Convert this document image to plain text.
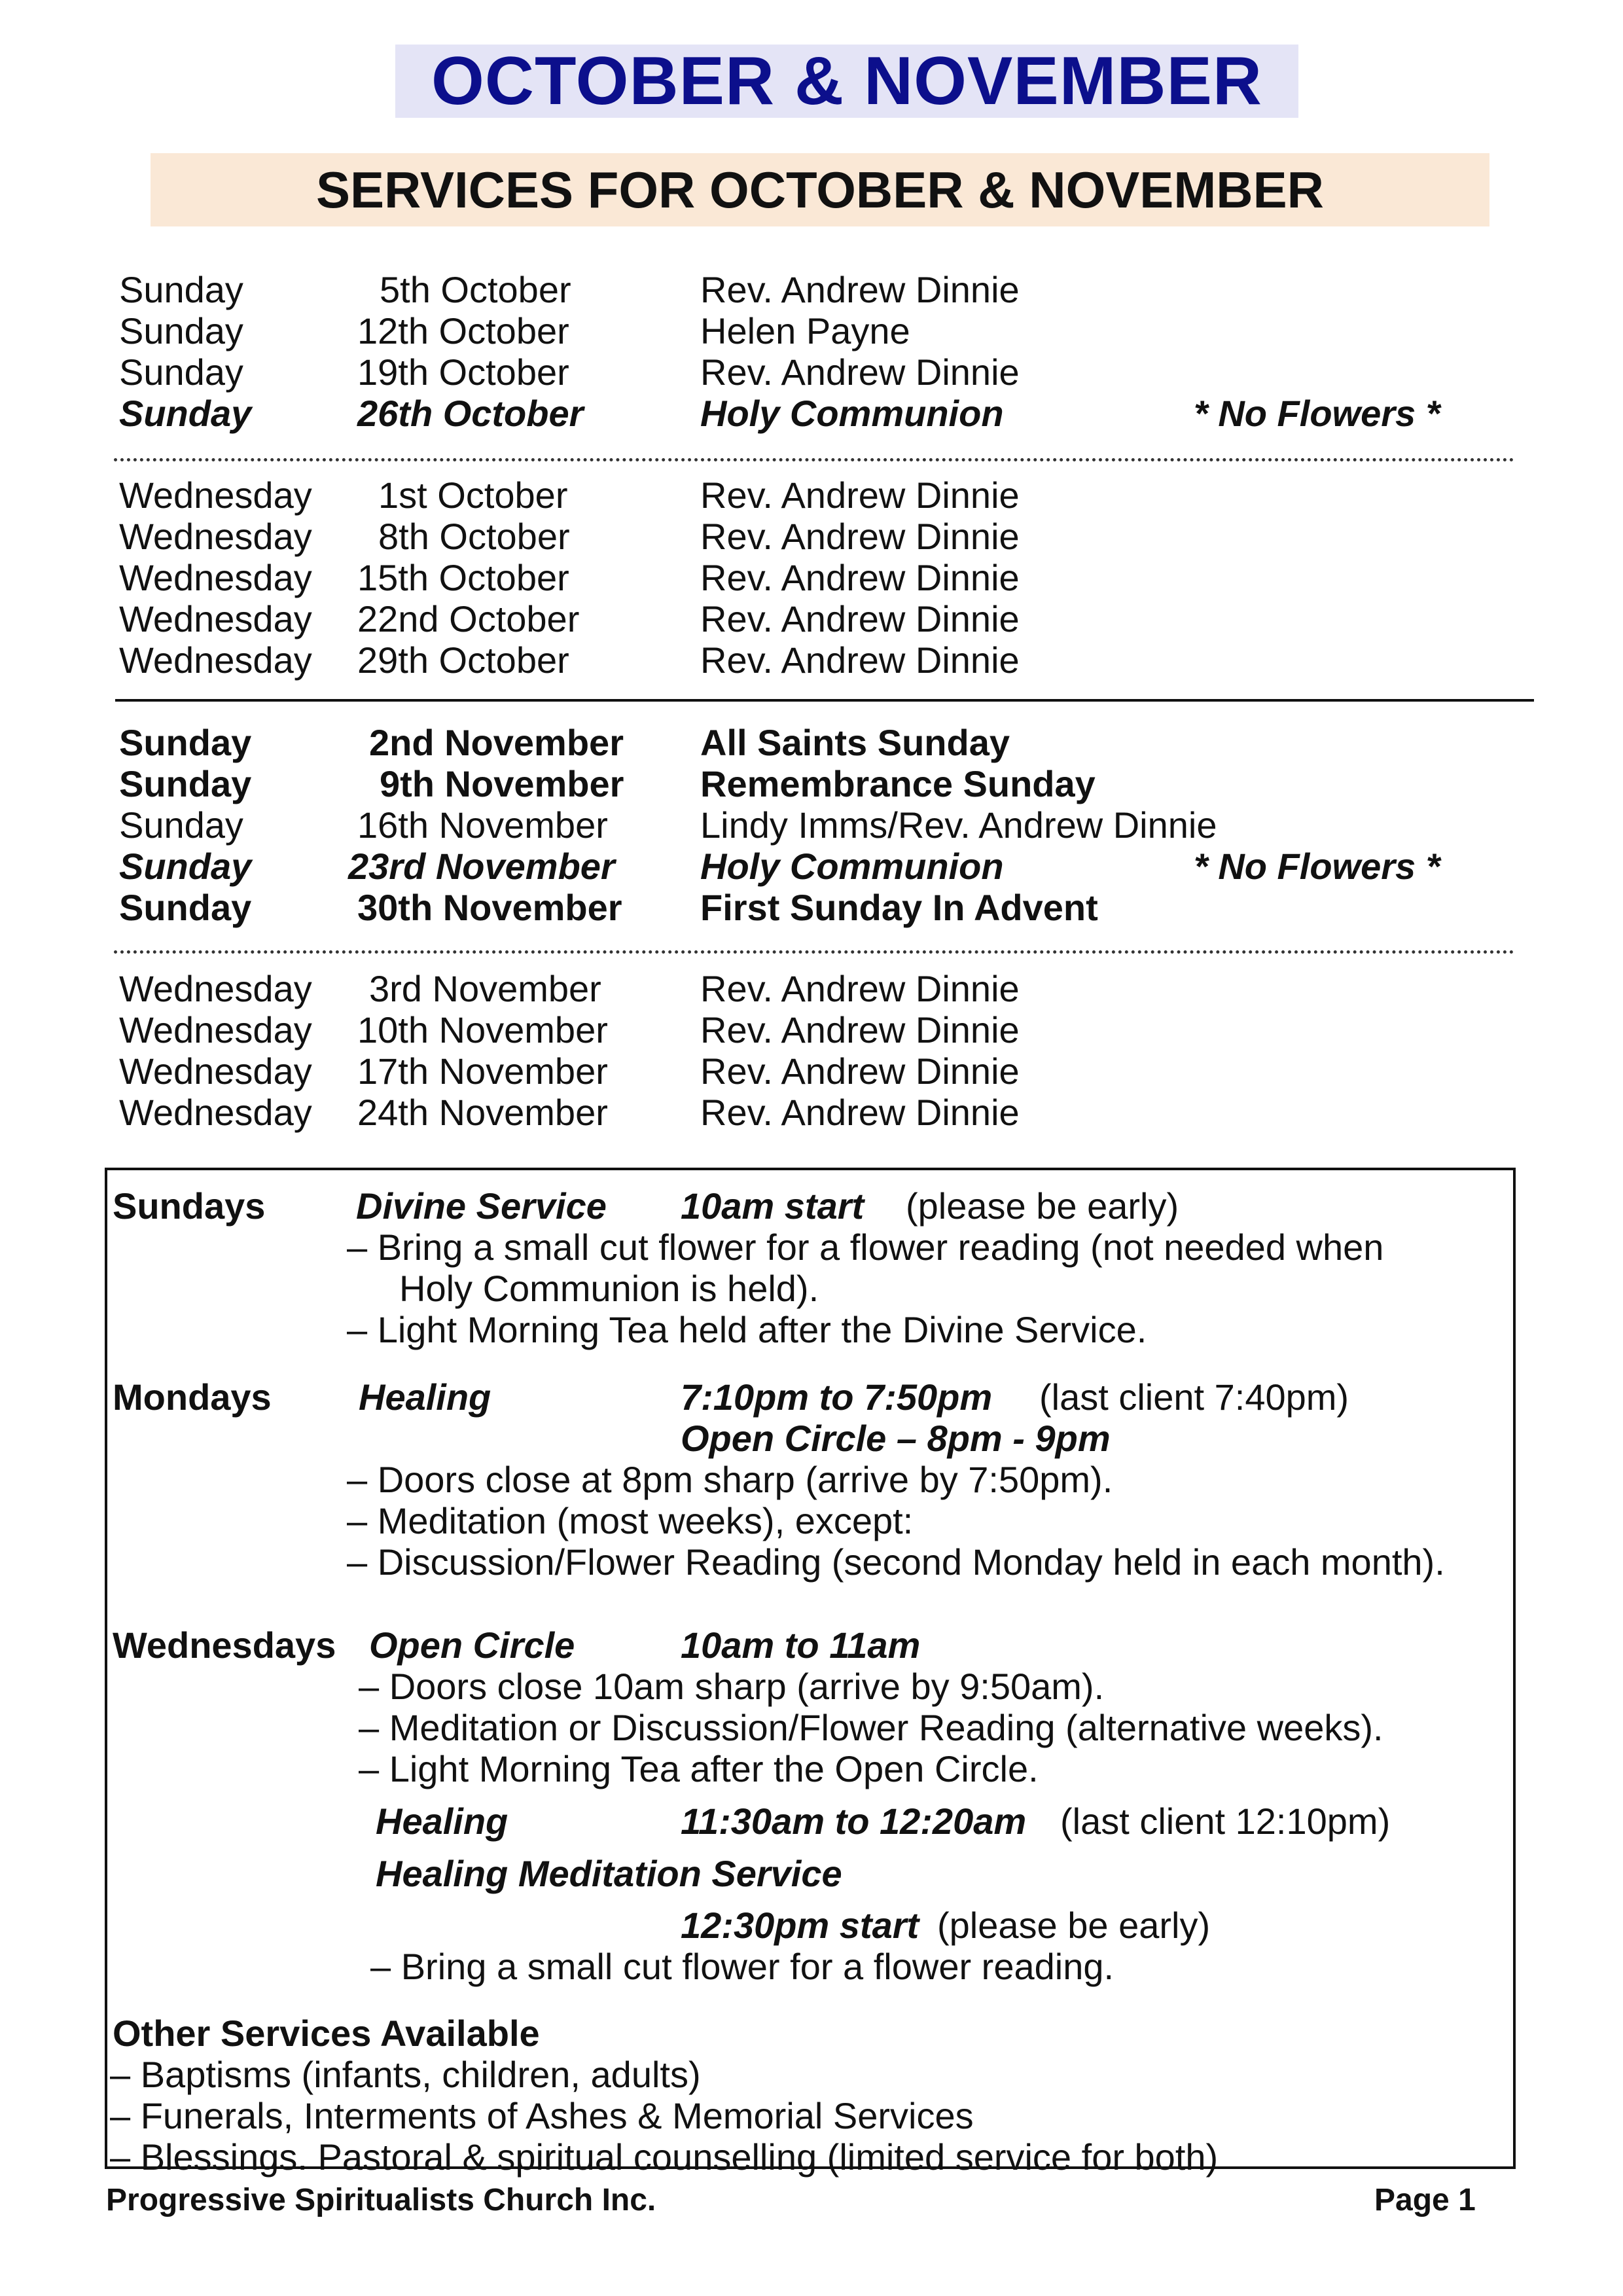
OCTOBER & NOVEMBER
SERVICES FOR OCTOBER & NOVEMBER
Sunday	5th October	Rev. Andrew Dinnie
Sunday	12th October	Helen Payne
Sunday	19th October	Rev. Andrew Dinnie
Sunday	26th October	Holy Communion	* No Flowers *
Wednesday 1st October	Rev. Andrew Dinnie
Wednesday 8th October	Rev. Andrew Dinnie
Wednesday 15th October	Rev. Andrew Dinnie
Wednesday 22nd October	Rev. Andrew Dinnie
Wednesday 29th October	Rev. Andrew Dinnie
Sunday	2nd November All Saints Sunday
Sunday	9th November Remembrance Sunday
Sunday	16th November	Lindy Imms/Rev. Andrew Dinnie
Sunday	23rd November Holy Communion	* No Flowers *
Sunday	30th November First Sunday In Advent
Wednesday 3rd November	Rev. Andrew Dinnie
Wednesday 10th November	Rev. Andrew Dinnie
Wednesday 17th November	Rev. Andrew Dinnie
Wednesday 24th November	Rev. Andrew Dinnie
Sundays Divine Service 10am start (please be early)
– Bring a small cut flower for a flower reading (not needed when
Holy Communion is held).
– Light Morning Tea held after the Divine Service.
Mondays Healing	7:10pm to 7:50pm (last client 7:40pm)
Open Circle – 8pm - 9pm
– Doors close at 8pm sharp (arrive by 7:50pm).
– Meditation (most weeks), except:
– Discussion/Flower Reading (second Monday held in each month).
Wednesdays Open Circle	10am to 11am
– Doors close 10am sharp (arrive by 9:50am).
– Meditation or Discussion/Flower Reading (alternative weeks).
– Light Morning Tea after the Open Circle.
Healing	11:30am to 12:20am (last client 12:10pm)
Healing Meditation Service
12:30pm start (please be early)
– Bring a small cut flower for a flower reading.
Other Services Available
– Baptisms (infants, children, adults)
– Funerals, Interments of Ashes & Memorial Services
– Blessings. Pastoral & spiritual counselling (limited service for both)
Progressive Spiritualists Church Inc.	Page 1
